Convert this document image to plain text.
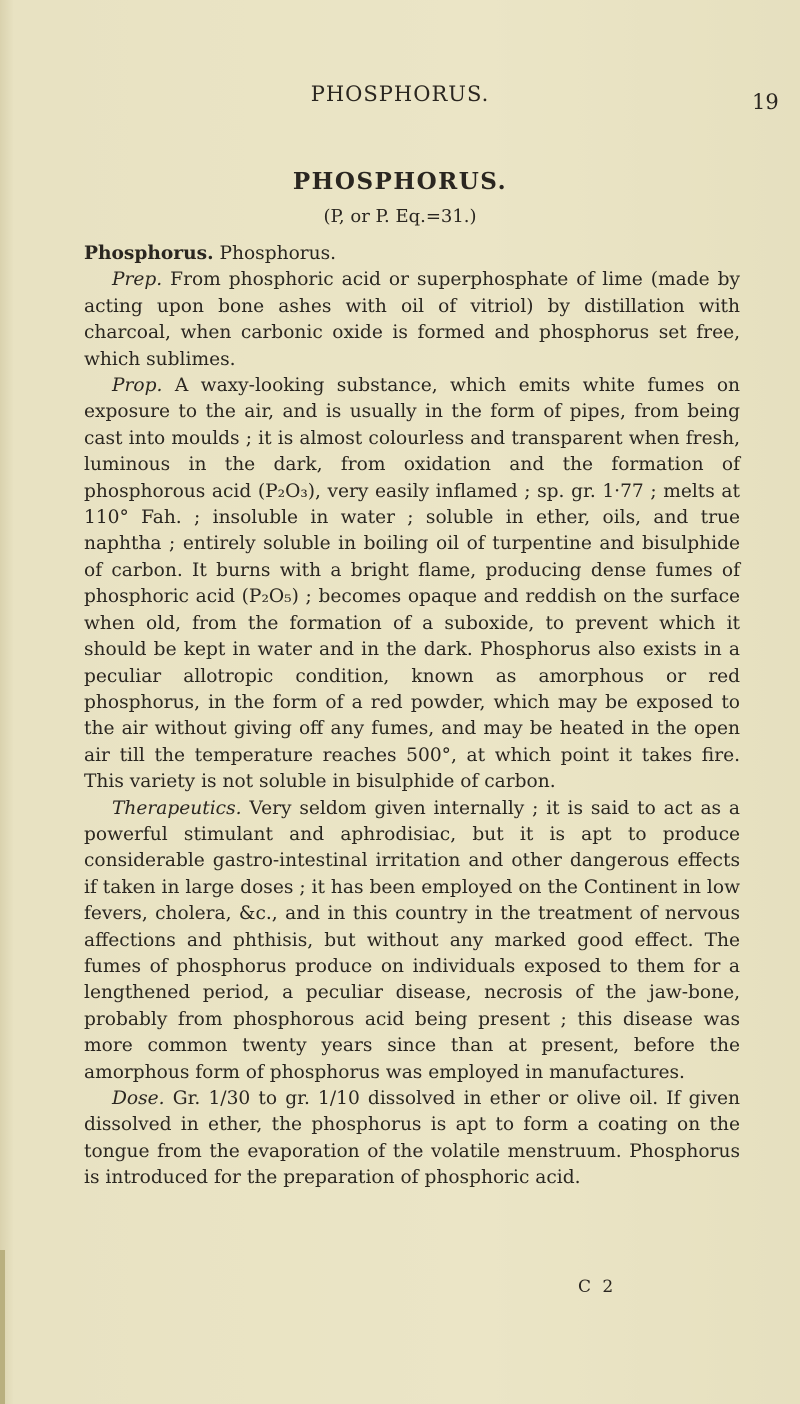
PHOSPHORUS.	19
PHOSPHORUS.
(P, or P. Eq.=31.)

Phosphorus. Phosphorus.

Prep. From phosphoric acid or superphosphate of lime (made by acting upon bone ashes with oil of vitriol) by distillation with charcoal, when carbonic oxide is formed and phosphorus set free, which sublimes.

Prop. A waxy-looking substance, which emits white fumes on exposure to the air, and is usually in the form of pipes, from being cast into moulds ; it is almost colourless and transparent when fresh, luminous in the dark, from oxidation and the formation of phosphorous acid (P₂O₃), very easily inflamed ; sp. gr. 1·77 ; melts at 110° Fah. ; insoluble in water ; soluble in ether, oils, and true naphtha ; entirely soluble in boiling oil of turpentine and bisulphide of carbon. It burns with a bright flame, producing dense fumes of phosphoric acid (P₂O₅) ; becomes opaque and reddish on the surface when old, from the formation of a suboxide, to prevent which it should be kept in water and in the dark. Phosphorus also exists in a peculiar allotropic condition, known as amorphous or red phosphorus, in the form of a red powder, which may be exposed to the air without giving off any fumes, and may be heated in the open air till the temperature reaches 500°, at which point it takes fire. This variety is not soluble in bisulphide of carbon.

Therapeutics. Very seldom given internally ; it is said to act as a powerful stimulant and aphrodisiac, but it is apt to produce considerable gastro-intestinal irritation and other dangerous effects if taken in large doses ; it has been employed on the Continent in low fevers, cholera, &c., and in this country in the treatment of nervous affections and phthisis, but without any marked good effect. The fumes of phosphorus produce on individuals exposed to them for a lengthened period, a peculiar disease, necrosis of the jaw-bone, probably from phosphorous acid being present ; this disease was more common twenty years since than at present, before the amorphous form of phosphorus was employed in manufactures.

Dose. Gr. 1/30 to gr. 1/10 dissolved in ether or olive oil. If given dissolved in ether, the phosphorus is apt to form a coating on the tongue from the evaporation of the volatile menstruum. Phosphorus is introduced for the preparation of phosphoric acid.

C 2
